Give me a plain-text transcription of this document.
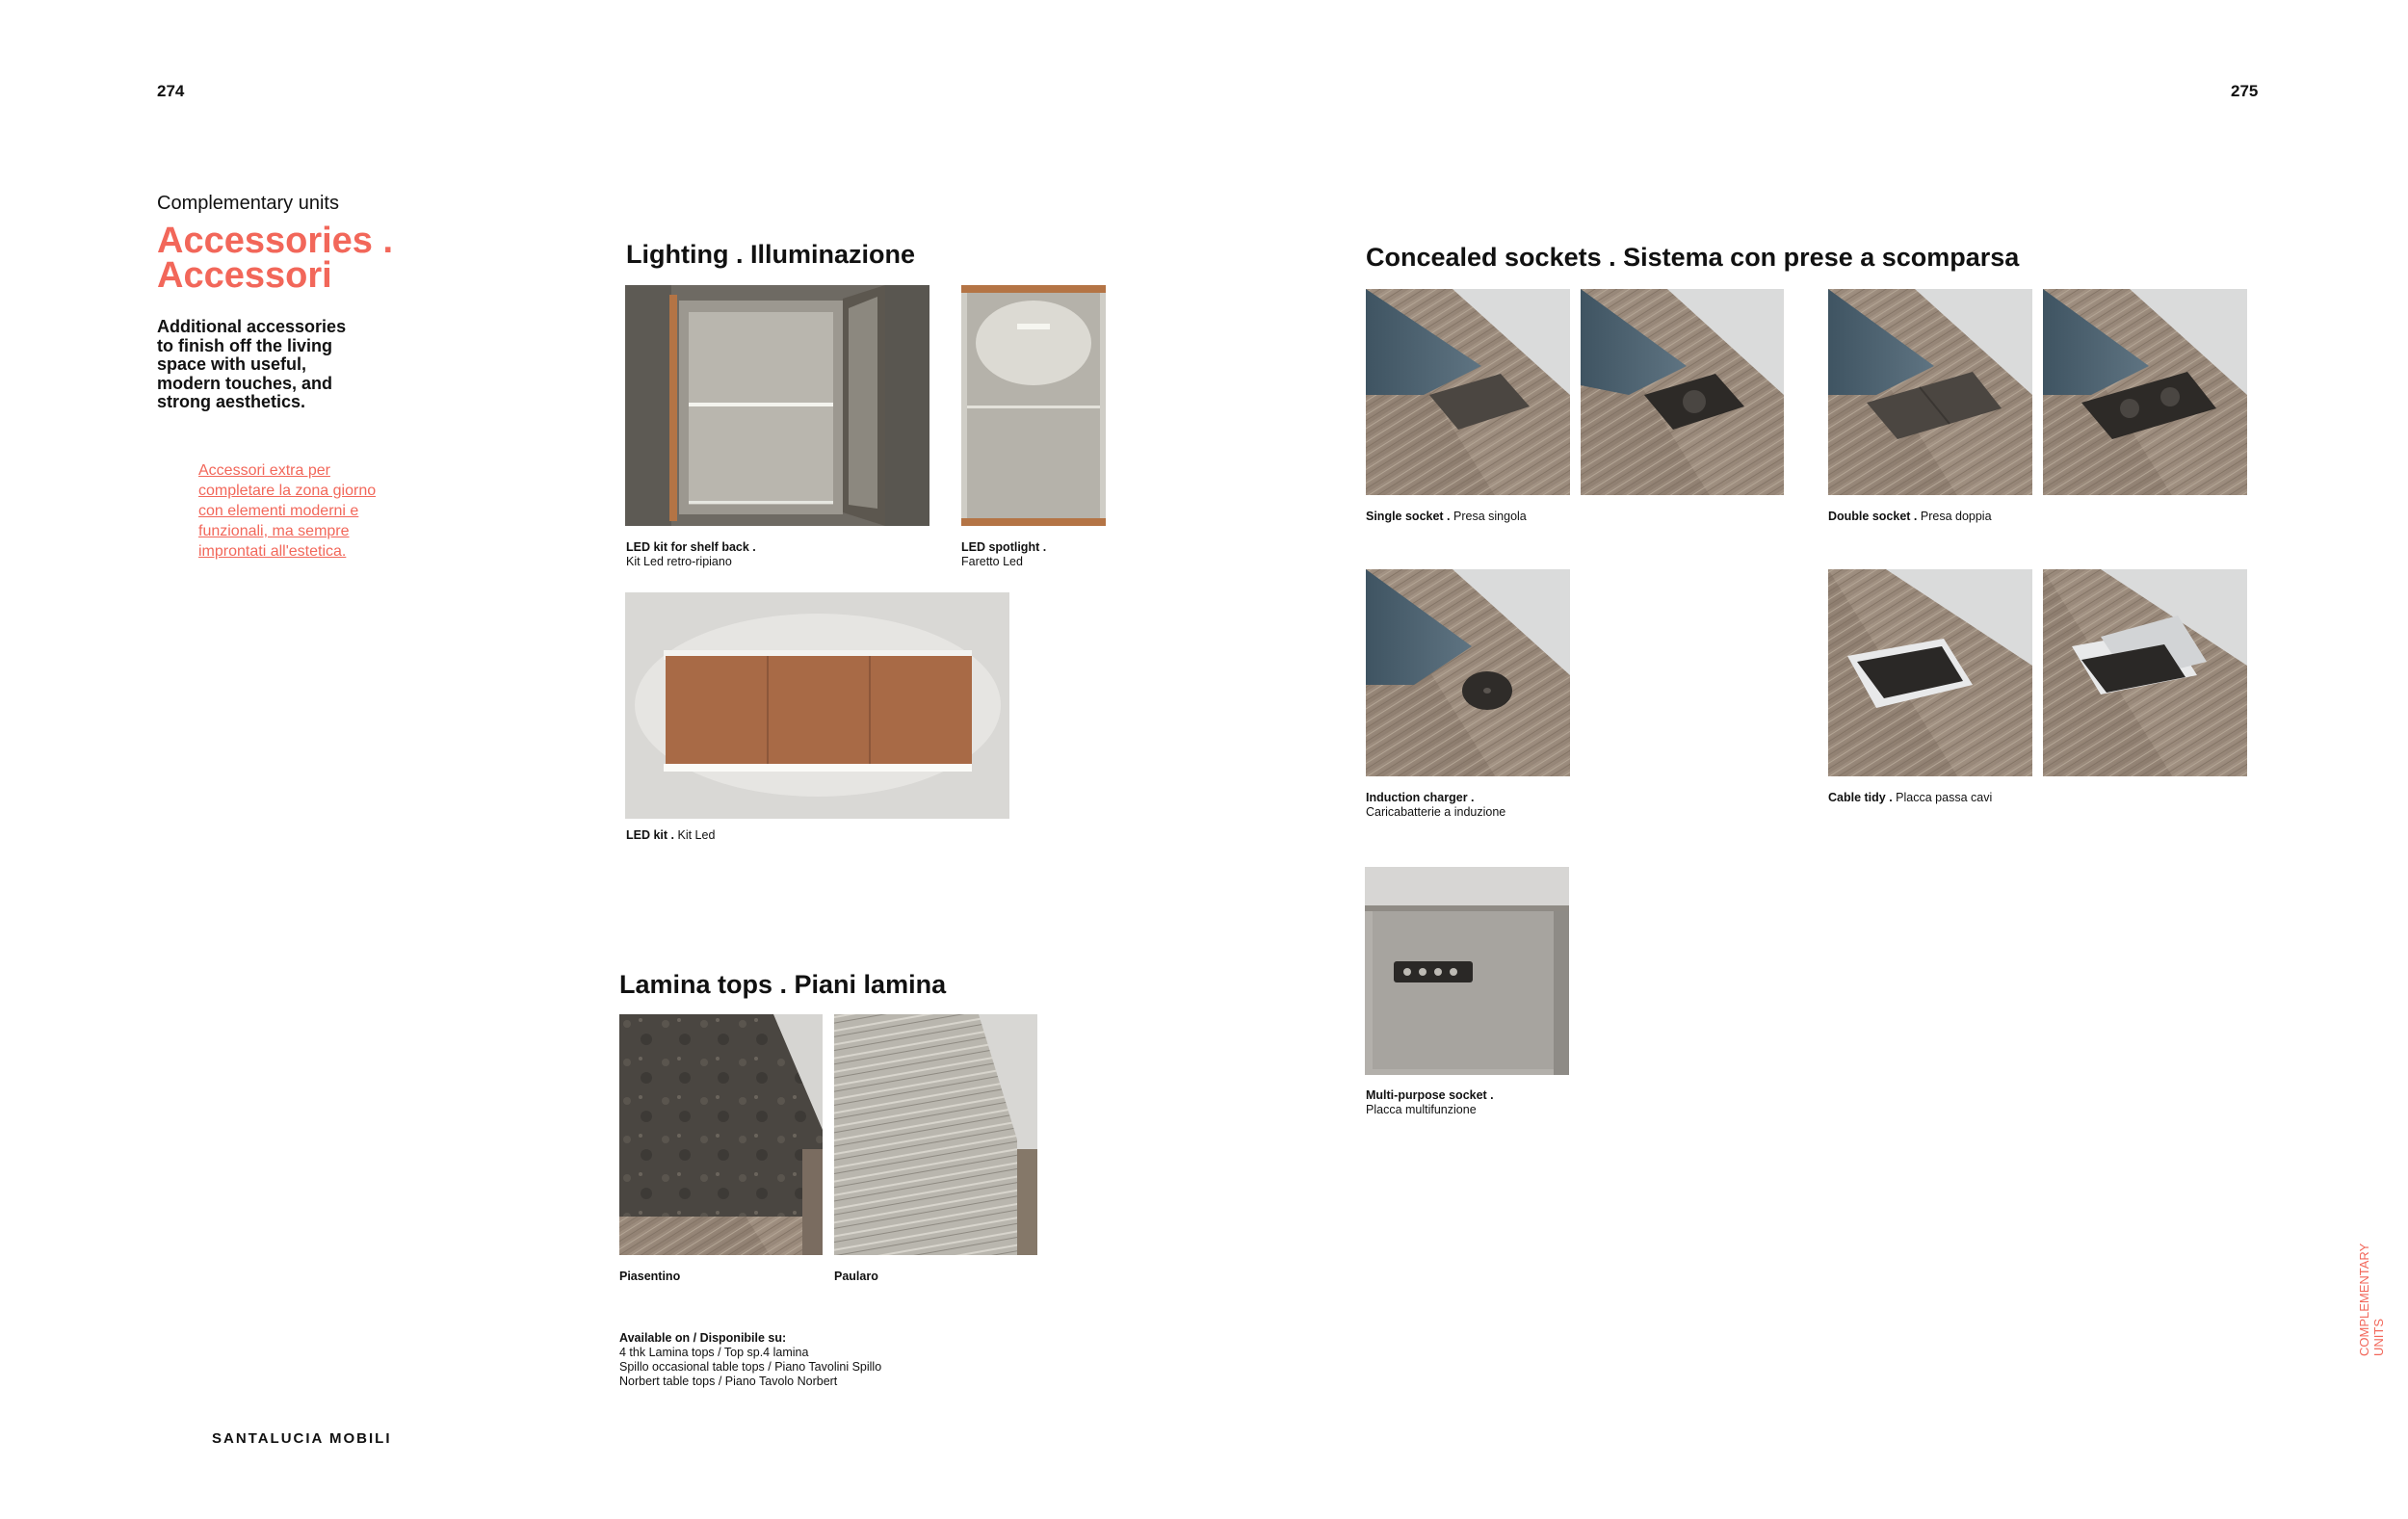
274	275
Complementary units
Accessories .
Accessori
Additional accessories
to finish off the living
space with useful,
modern touches, and
strong aesthetics.
Accessori extra per
completare la zona giorno
con elementi moderni e
funzionali, ma sempre
improntati all'estetica.
Lighting . Illuminazione
LED kit for shelf back .
Kit Led retro-ripiano
LED spotlight .
Faretto Led
LED kit . Kit Led
Lamina tops . Piani lamina
Piasentino	Paularo
Available on / Disponibile su:
4 thk Lamina tops / Top sp.4 lamina
Spillo occasional table tops / Piano Tavolini Spillo
Norbert table tops / Piano Tavolo Norbert
Concealed sockets . Sistema con prese a scomparsa
Single socket . Presa singola	Double socket . Presa doppia
Induction charger .
Caricabatterie a induzione
Cable tidy . Placca passa cavi
Multi-purpose socket .
Placca multifunzione
SANTALUCIA MOBILI
COMPLEMENTARY UNITS
